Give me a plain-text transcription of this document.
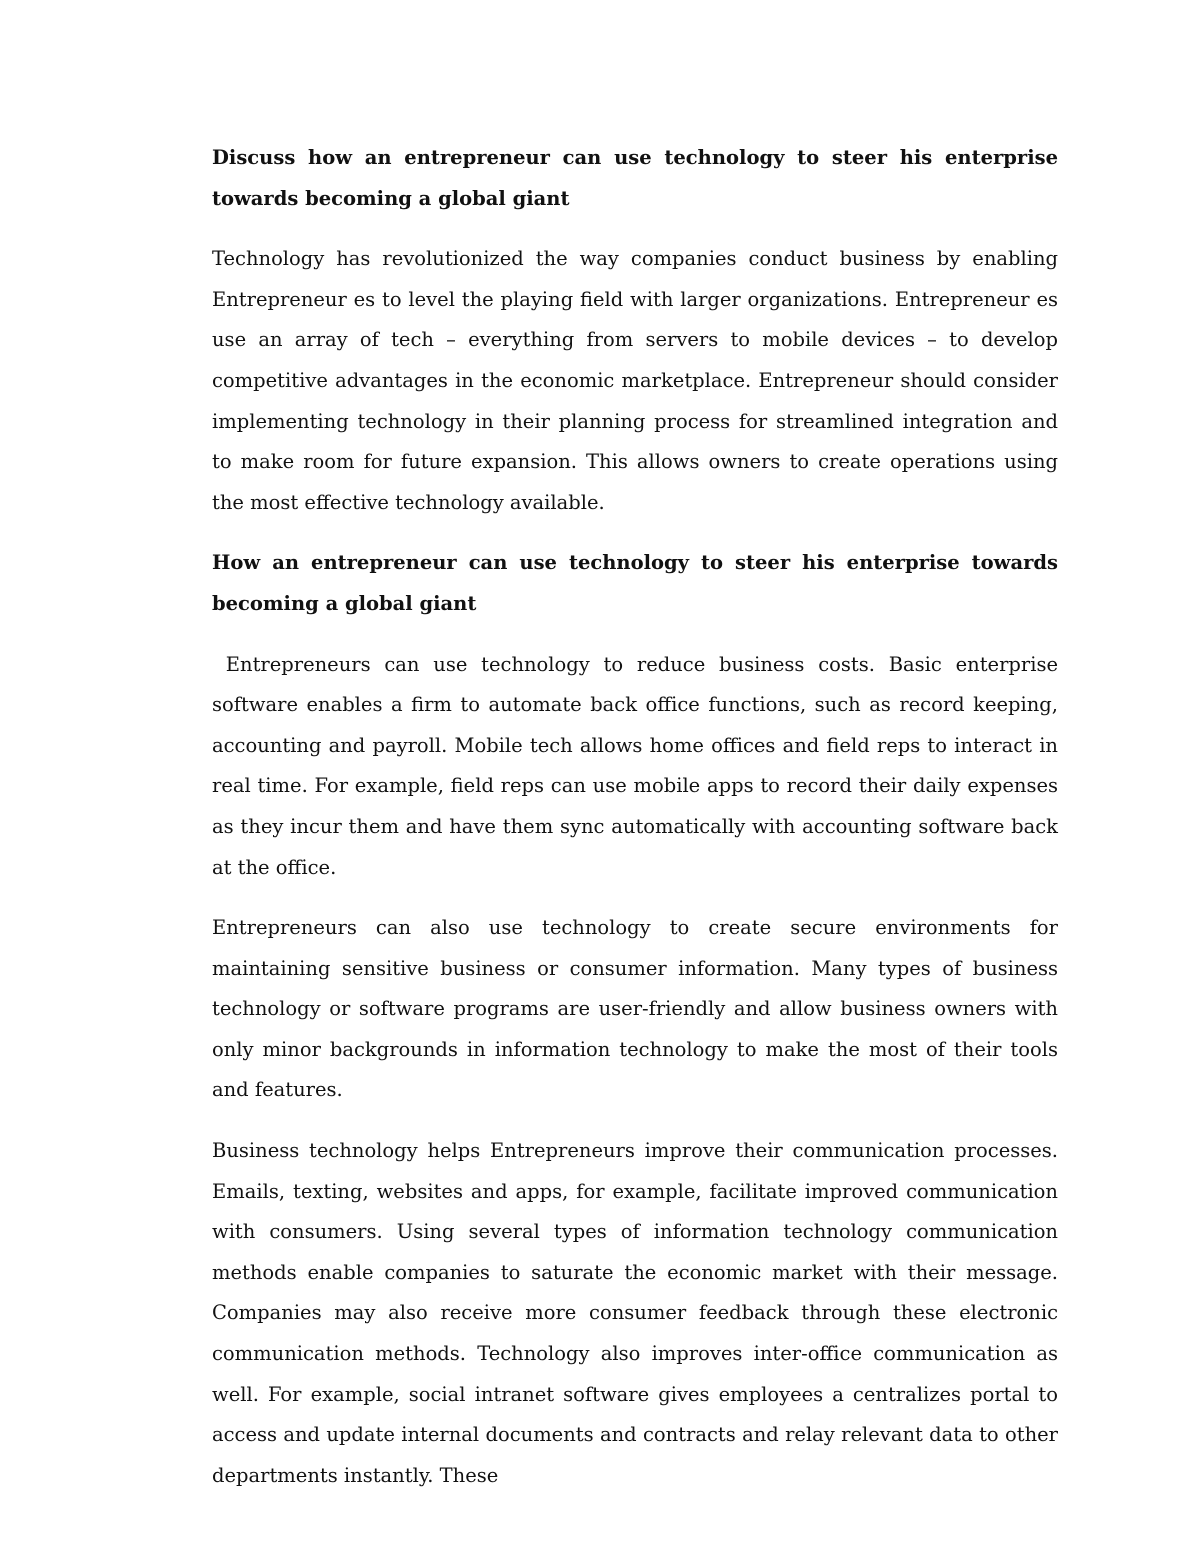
Discuss how an entrepreneur can use technology to steer his enterprise towards becoming a global giant

Technology has revolutionized the way companies conduct business by enabling Entrepreneur es to level the playing field with larger organizations. Entrepreneur es use an array of tech – everything from servers to mobile devices – to develop competitive advantages in the economic marketplace. Entrepreneur should consider implementing technology in their planning process for streamlined integration and to make room for future expansion. This allows owners to create operations using the most effective technology available.

How an entrepreneur can use technology to steer his enterprise towards becoming a global giant

Entrepreneurs can use technology to reduce business costs. Basic enterprise software enables a firm to automate back office functions, such as record keeping, accounting and payroll. Mobile tech allows home offices and field reps to interact in real time. For example, field reps can use mobile apps to record their daily expenses as they incur them and have them sync automatically with accounting software back at the office.

Entrepreneurs can also use technology to create secure environments for maintaining sensitive business or consumer information. Many types of business technology or software programs are user-friendly and allow business owners with only minor backgrounds in information technology to make the most of their tools and features.

Business technology helps Entrepreneurs improve their communication processes. Emails, texting, websites and apps, for example, facilitate improved communication with consumers. Using several types of information technology communication methods enable companies to saturate the economic market with their message. Companies may also receive more consumer feedback through these electronic communication methods. Technology also improves inter-office communication as well. For example, social intranet software gives employees a centralizes portal to access and update internal documents and contracts and relay relevant data to other departments instantly. These
